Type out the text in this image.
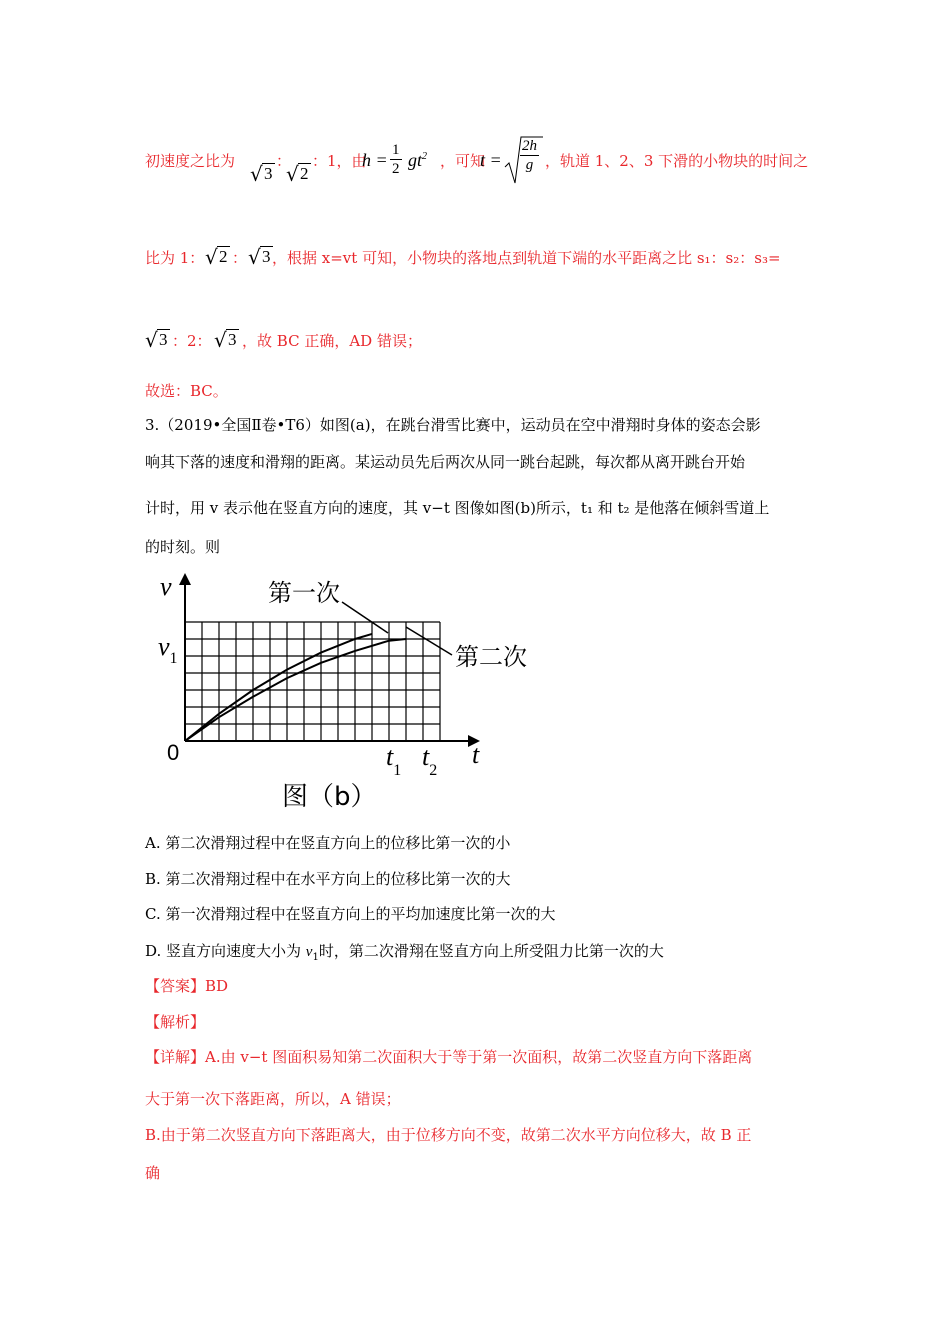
初速度之比为
√ 3
：
√ 2
：1，由
$h = \frac{1}{2} gt^2$ ，可知
$t = \frac{2h}{g}$ ，轨道 1、2、3 下滑的小物块的时间之
比为 1： √ 2 ： √ 3 ，根据 x=vt 可知，小物块的落地点到轨道下端的水平距离之比 s₁：s₂：s₃=
√ 3 ：2： √ 3 ，故 BC 正确，AD 错误；
故选：BC。
3.（2019•全国Ⅱ卷•T6）如图(a)，在跳台滑雪比赛中，运动员在空中滑翔时身体的姿态会影
响其下落的速度和滑翔的距离。某运动员先后两次从同一跳台起跳，每次都从离开跳台开始
计时，用 v 表示他在竖直方向的速度，其 v−t 图像如图(b)所示，t₁ 和 t₂ 是他落在倾斜雪道上
的时刻。则
v
$v_1$
0	t
$t_1$ $t_2$
第一次
第二次
图（b）
A. 第二次滑翔过程中在竖直方向上的位移比第一次的小
B. 第二次滑翔过程中在水平方向上的位移比第一次的大
C. 第一次滑翔过程中在竖直方向上的平均加速度比第一次的大
D. 竖直方向速度大小为 $v_1$时，第二次滑翔在竖直方向上所受阻力比第一次的大
【答案】BD
【解析】
【详解】A.由 v−t 图面积易知第二次面积大于等于第一次面积，故第二次竖直方向下落距离
大于第一次下落距离，所以，A 错误；
B.由于第二次竖直方向下落距离大，由于位移方向不变，故第二次水平方向位移大，故 B 正
确
